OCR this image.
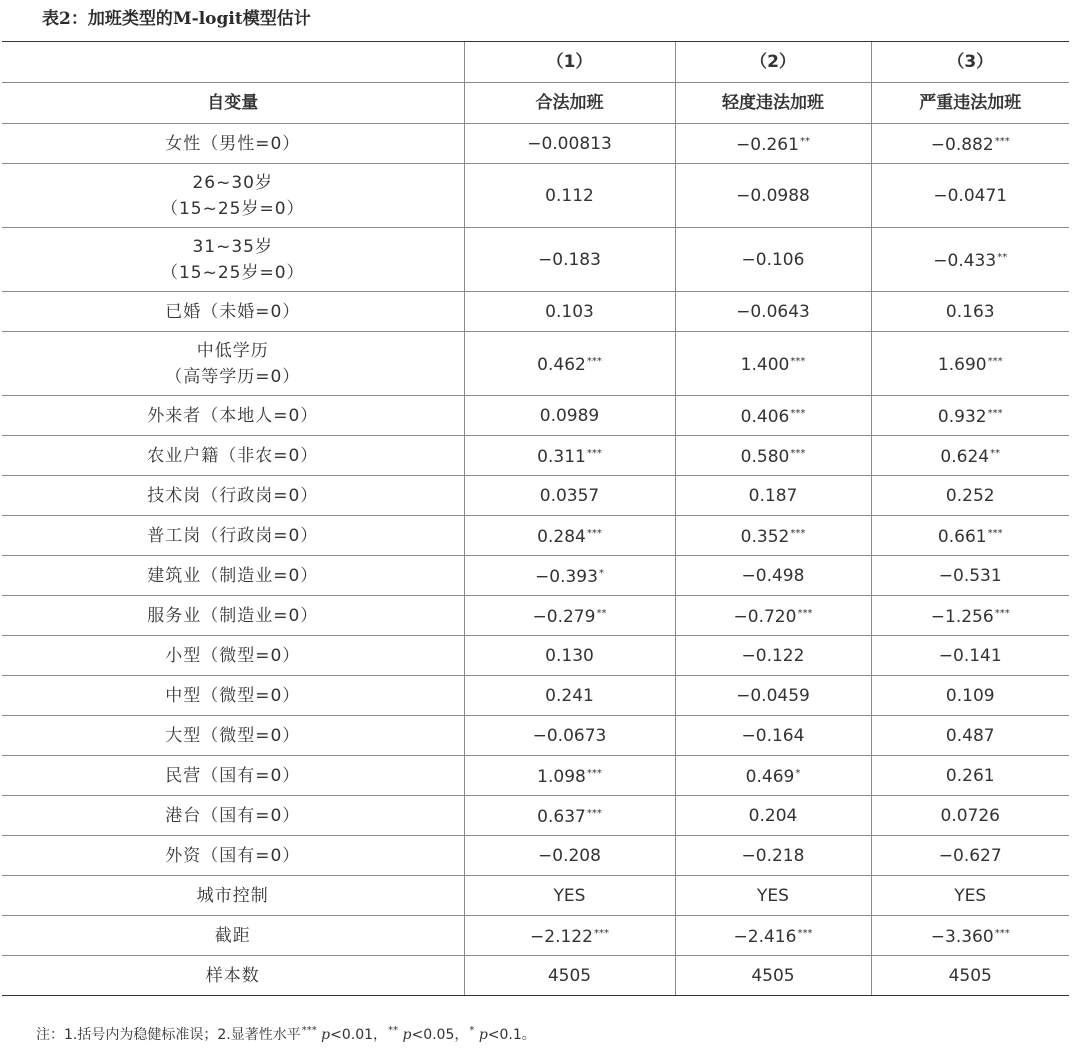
表2：加班类型的M-logit模型估计
	（1）	（2）	（3）
自变量	合法加班	轻度违法加班	严重违法加班

女性（男性=0）	−0.00813	−0.261**	−0.882***

26~30岁
（15~25岁=0）	0.112	−0.0988	−0.0471

31~35岁
（15~25岁=0）	−0.183	−0.106	−0.433**

已婚（未婚=0）	0.103	−0.0643	0.163

中低学历
（高等学历=0）	0.462***	1.400***	1.690***

外来者（本地人=0）	0.0989	0.406***	0.932***

农业户籍（非农=0）	0.311***	0.580***	0.624**

技术岗（行政岗=0）	0.0357	0.187	0.252

普工岗（行政岗=0）	0.284***	0.352***	0.661***

建筑业（制造业=0）	−0.393*	−0.498	−0.531

服务业（制造业=0）	−0.279**	−0.720***	−1.256***

小型（微型=0）	0.130	−0.122	−0.141

中型（微型=0）	0.241	−0.0459	0.109

大型（微型=0）	−0.0673	−0.164	0.487

民营（国有=0）	1.098***	0.469*	0.261

港台（国有=0）	0.637***	0.204	0.0726

外资（国有=0）	−0.208	−0.218	−0.627

城市控制	YES	YES	YES

截距	−2.122***	−2.416***	−3.360***

样本数	4505	4505	4505
注：1.括号内为稳健标准误；2.显著性水平*** p<0.01，** p<0.05，* p<0.1。
